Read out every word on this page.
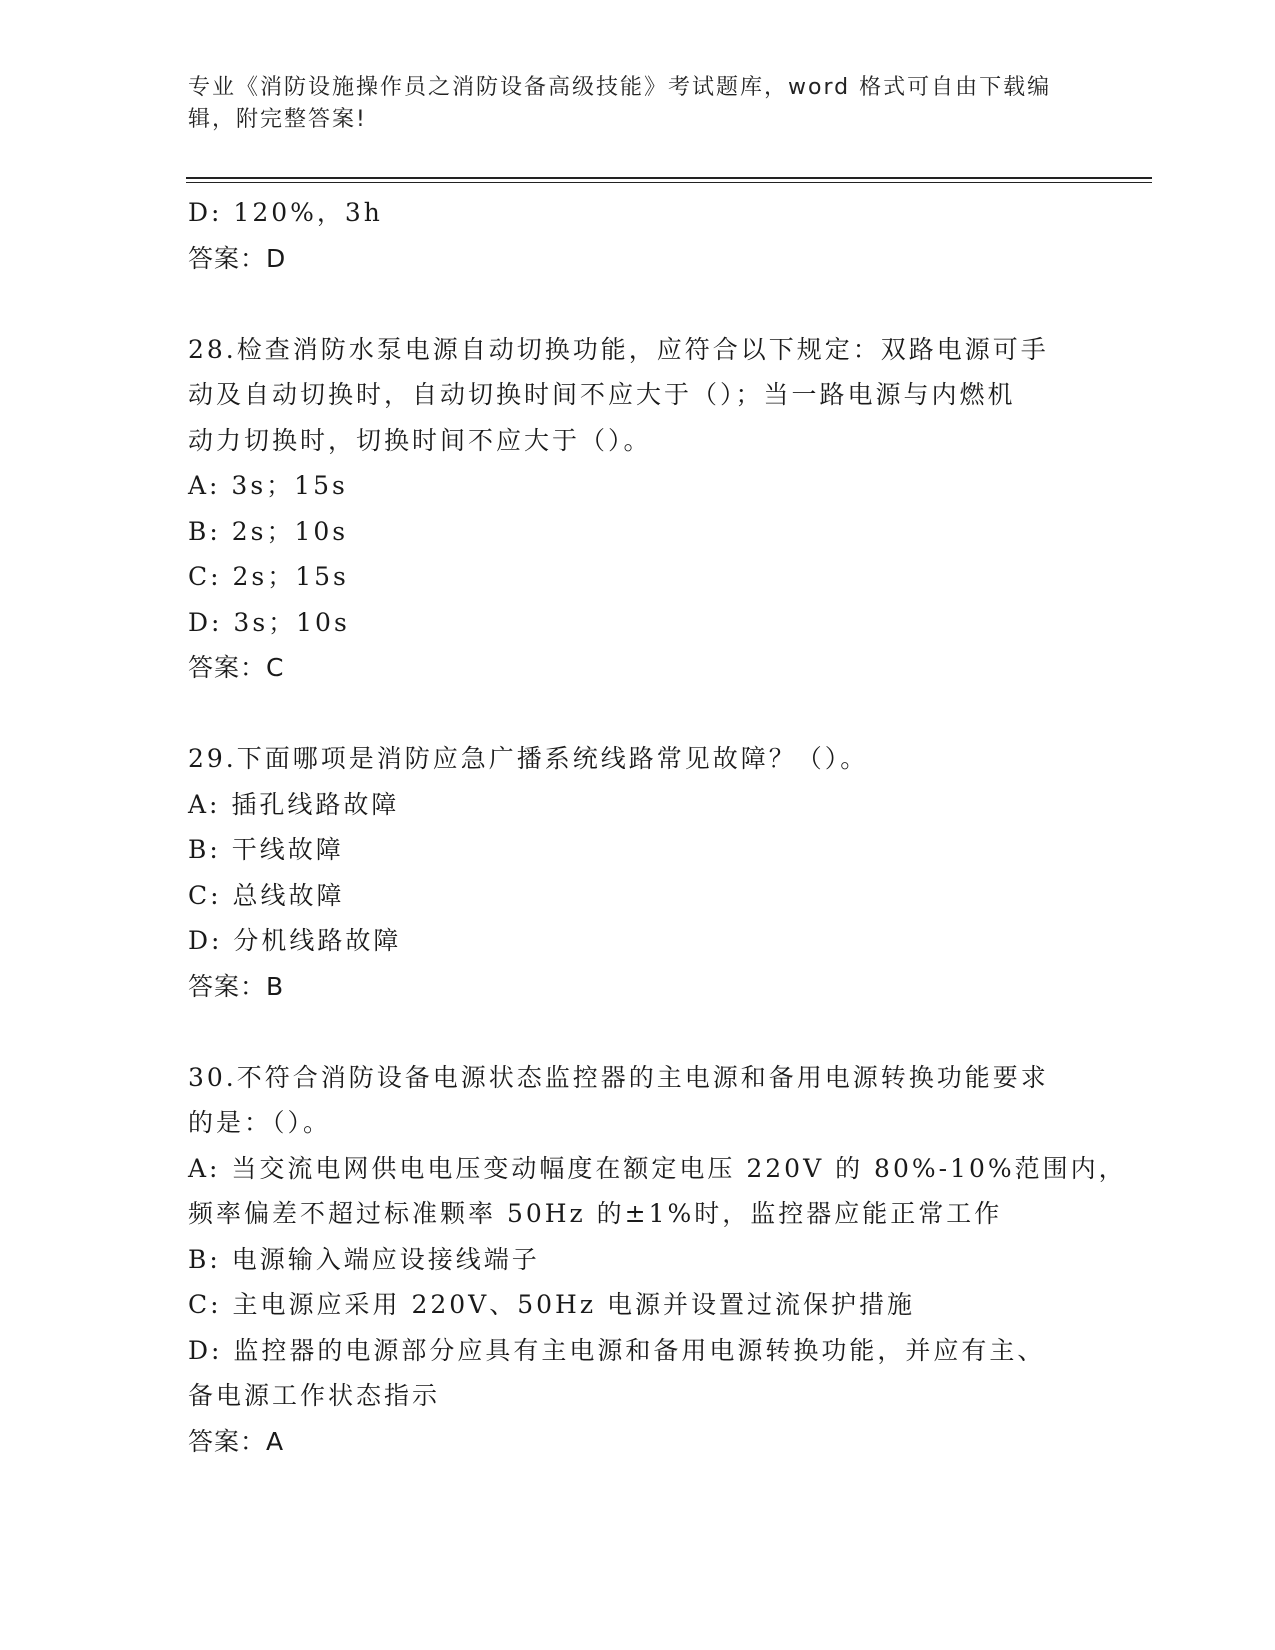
专业《消防设施操作员之消防设备高级技能》考试题库，word 格式可自由下载编
辑，附完整答案!
D: 120%，3h
答案：D
28.检查消防水泵电源自动切换功能，应符合以下规定：双路电源可手
动及自动切换时，自动切换时间不应大于（）；当一路电源与内燃机
动力切换时，切换时间不应大于（）。
A: 3s；15s
B: 2s；10s
C: 2s；15s
D: 3s；10s
答案：C
29.下面哪项是消防应急广播系统线路常见故障？（）。
A: 插孔线路故障
B: 干线故障
C: 总线故障
D: 分机线路故障
答案：B
30.不符合消防设备电源状态监控器的主电源和备用电源转换功能要求
的是：（）。
A: 当交流电网供电电压变动幅度在额定电压 220V 的 80%-10%范围内，
频率偏差不超过标准颗率 50Hz 的±1%时，监控器应能正常工作
B: 电源输入端应设接线端子
C: 主电源应采用 220V、50Hz 电源并设置过流保护措施
D: 监控器的电源部分应具有主电源和备用电源转换功能，并应有主、
备电源工作状态指示
答案：A
